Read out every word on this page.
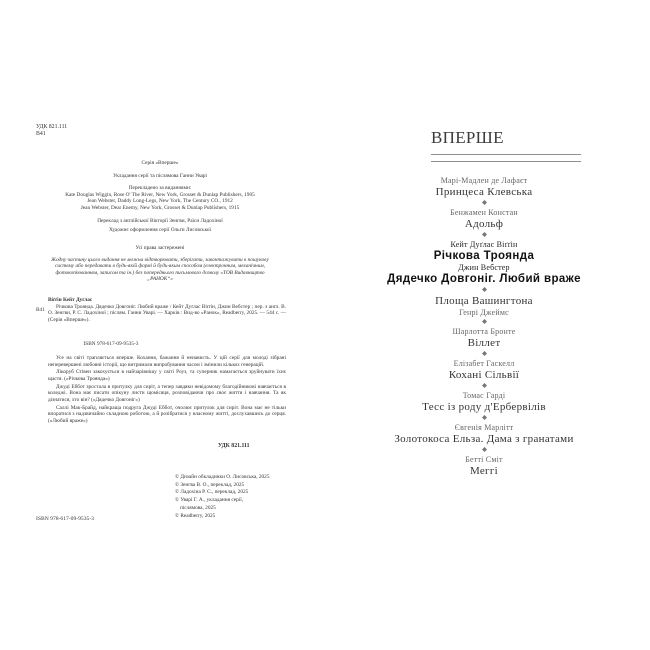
УДК 821.111
В41

Серія «Вперше»

Укладання серії та післямова Ганни Уварі

Перекладено за виданнями:

Kate Douglas Wiggin, Rose O' The River, New York, Grosset & Dunlap Publishers, 1905

Jean Webster, Daddy Long-Legs, New York, The Century CO., 1912

Jean Webster, Dear Enemy, New York, Grosset & Dunlap Publishers, 1915

Переклад з англійської Вікторії Зенгви, Раїси Ладохіної

Художнє оформлення серії Ольги Лисовської

Усі права застережені

Жодну частину цього видання не можна відтворювати, зберігати, завантажувати в пошукову систему або передавати в будь-якій формі й будь-яким способом (електронним, механічним, фотокопіюванням, записом та ін.) без попереднього письмового дозволу «ТОВ Видавництво „РАНОК“»

В41

Віґґін Кейт Дуґлас

Річкова Троянда. Дядечко Довгоніг. Любий враже / Кейт Дуґлас Віґґін, Джин Вебстер ; пер. з англ. В. О. Зенгви, Р. С. Ладохіної ; післям. Ганни Уварі. — Харків : Вид-во «Ранок», Readberry, 2025. — 544 с. — (Серія «Вперше»).

ISBN 978-617-09-9535-3

Усе на світі трапляється вперше. Кохання, бажання й ненависть. У цій серії для молоді зібрані неперевершені любовні історії, що витримали випробування часом і змінили кількох генерацій.

Лікоруб Стівен закохується в найчарівнішу у світі Роуз, та суперник намагається зруйнувати їхнє щастя. («Річкова Троянда»)

Джуді Еббот зростала в притулку для сиріт, а тепер завдяки невідомому благодійникові навчається в коледжі. Вона має писати опікуну листи щомісяця, розповідаючи про своє життя і навчання. Та як дізнатися, хто він? («Дядечко Довгоніг»)

Саллі Мак-Брайд, найкраща подруга Джуді Еббот, очолює притулок для сиріт. Вона має не тільки впоратися з надзвичайно складною роботою, а й розібратися у власному житті, дослухавшись до серця. («Любий враже»)

УДК 821.111

© Дизайн обкладинки О. Лисовська, 2025

© Зенгва В. О., переклад, 2025

© Ладохіна Р. С., переклад, 2025

© Уварі Г. А., укладання серії,

післямова, 2025

© Readberry, 2025

ISBN 978-617-09-9535-3
ВПЕРШЕ
Марі-Мадлен де Лафаєт
Принцеса Клевська
Бенжамен Констан
Адольф
Кейт Дуґлас Віґґін
Річкова Троянда
Джин Вебстер
Дядечко Довгоніг. Любий враже
Площа Вашингтона
Генрі Джеймс
Шарлотта Бронте
Віллет
Елізабет Гаскелл
Кохані Сільвії
Томас Гарді
Тесс із роду д'Ербервілів
Євгенія Марлітт
Золотокоса Ельза. Дама з гранатами
Бетті Сміт
Меггі
